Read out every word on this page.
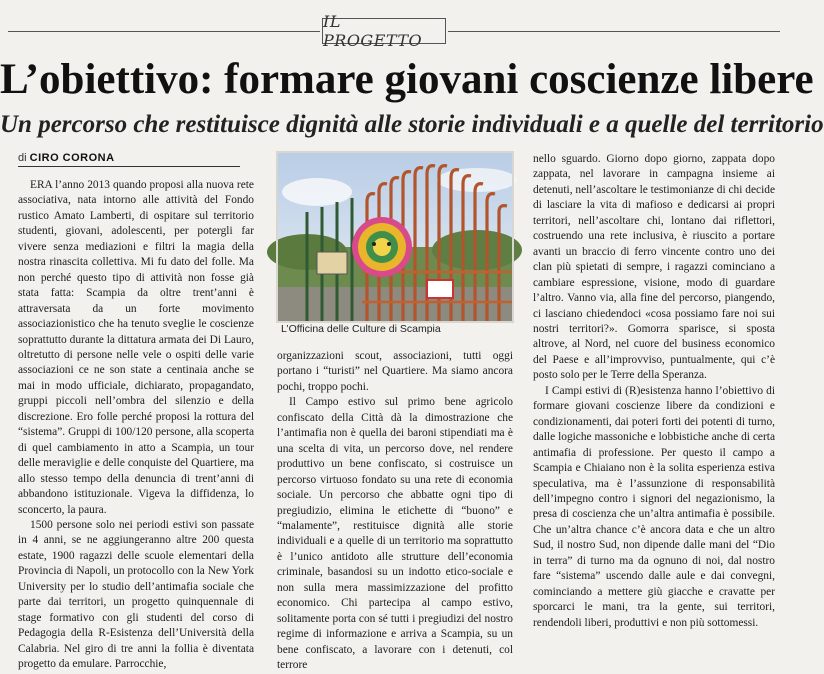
IL PROGETTO
L’obiettivo: formare giovani coscienze libere
Un percorso che restituisce dignità alle storie individuali e a quelle del territorio
di CIRO CORONA

ERA l’anno 2013 quando proposi alla nuova rete associativa, nata intorno alle attività del Fondo rustico Amato Lamberti, di ospitare sul territorio studenti, giovani, adolescenti, per potergli far vivere senza mediazioni e filtri la magia della nostra rinascita collettiva. Mi fu dato del folle. Ma non perché questo tipo di attività non fosse già stata fatta: Scampia da oltre trent’anni è attraversata da un forte movimento associazionistico che ha tenuto sveglie le coscienze soprattutto durante la dittatura armata dei Di Lauro, oltretutto di persone nelle vele o ospiti delle varie associazioni ce ne son state a centinaia anche se mai in modo ufficiale, dichiarato, propagandato, gruppi piccoli nell’ombra del silenzio e della discrezione. Ero folle perché proposi la rottura del “sistema”. Gruppi di 100/120 persone, alla scoperta di quel cambiamento in atto a Scampia, un tour delle meraviglie e delle conquiste del Quartiere, ma allo stesso tempo della denuncia di trent’anni di abbandono istituzionale. Vigeva la diffidenza, lo sconcerto, la paura.

1500 persone solo nei periodi estivi son passate in 4 anni, se ne aggiungeranno altre 200 questa estate, 1900 ragazzi delle scuole elementari della Provincia di Napoli, un protocollo con la New York University per lo studio dell’antimafia sociale che parte dai territori, un progetto quinquennale di stage formativo con gli studenti del corso di Pedagogia della R-Esistenza dell’Università della Calabria. Nel giro di tre anni la follia è diventata progetto da emulare. Parrocchie,

L’Officina delle Culture di Scampia

organizzazioni scout, associazioni, tutti oggi portano i “turisti” nel Quartiere. Ma siamo ancora pochi, troppo pochi.

Il Campo estivo sul primo bene agricolo confiscato della Città dà la dimostrazione che l’antimafia non è quella dei baroni stipendiati ma è una scelta di vita, un percorso dove, nel rendere produttivo un bene confiscato, si costruisce un percorso virtuoso fondato su una rete di economia sociale. Un percorso che abbatte ogni tipo di pregiudizio, elimina le etichette di “buono” e “malamente”, restituisce dignità alle storie individuali e a quelle di un territorio ma soprattutto è l’unico antidoto alle strutture dell’economia criminale, basandosi su un indotto etico-sociale e non sulla mera massimizzazione del profitto economico. Chi partecipa al campo estivo, solitamente porta con sé tutti i pregiudizi del nostro regime di informazione e arriva a Scampia, su un bene confiscato, a lavorare con i detenuti, col terrore

nello sguardo. Giorno dopo giorno, zappata dopo zappata, nel lavorare in campagna insieme ai detenuti, nell’ascoltare le testimonianze di chi decide di lasciare la vita di mafioso e dedicarsi ai propri territori, nell’ascoltare chi, lontano dai riflettori, costruendo una rete inclusiva, è riuscito a portare avanti un braccio di ferro vincente contro uno dei clan più spietati di sempre, i ragazzi cominciano a cambiare espressione, visione, modo di guardare l’altro. Vanno via, alla fine del percorso, piangendo, ci lasciano chiedendoci «cosa possiamo fare noi sui nostri territori?». Gomorra sparisce, si sposta altrove, al Nord, nel cuore del business economico del Paese e all’improvviso, puntualmente, qui c’è posto solo per le Terre della Speranza.

I Campi estivi di (R)esistenza hanno l’obiettivo di formare giovani coscienze libere da condizioni e condizionamenti, dai poteri forti dei potenti di turno, dalle logiche massoniche e lobbistiche anche di certa antimafia di professione. Per questo il campo a Scampia e Chiaiano non è la solita esperienza estiva speculativa, ma è l’assunzione di responsabilità dell’impegno contro i signori del negazionismo, la presa di coscienza che un’altra antimafia è possibile. Che un’altra chance c’è ancora data e che un altro Sud, il nostro Sud, non dipende dalle mani del “Dio in terra” di turno ma da ognuno di noi, dal nostro fare “sistema” uscendo dalle aule e dai convegni, cominciando a mettere giù giacche e cravatte per sporcarci le mani, tra la gente, sui territori, rendendoli liberi, produttivi e non più sottomessi.
